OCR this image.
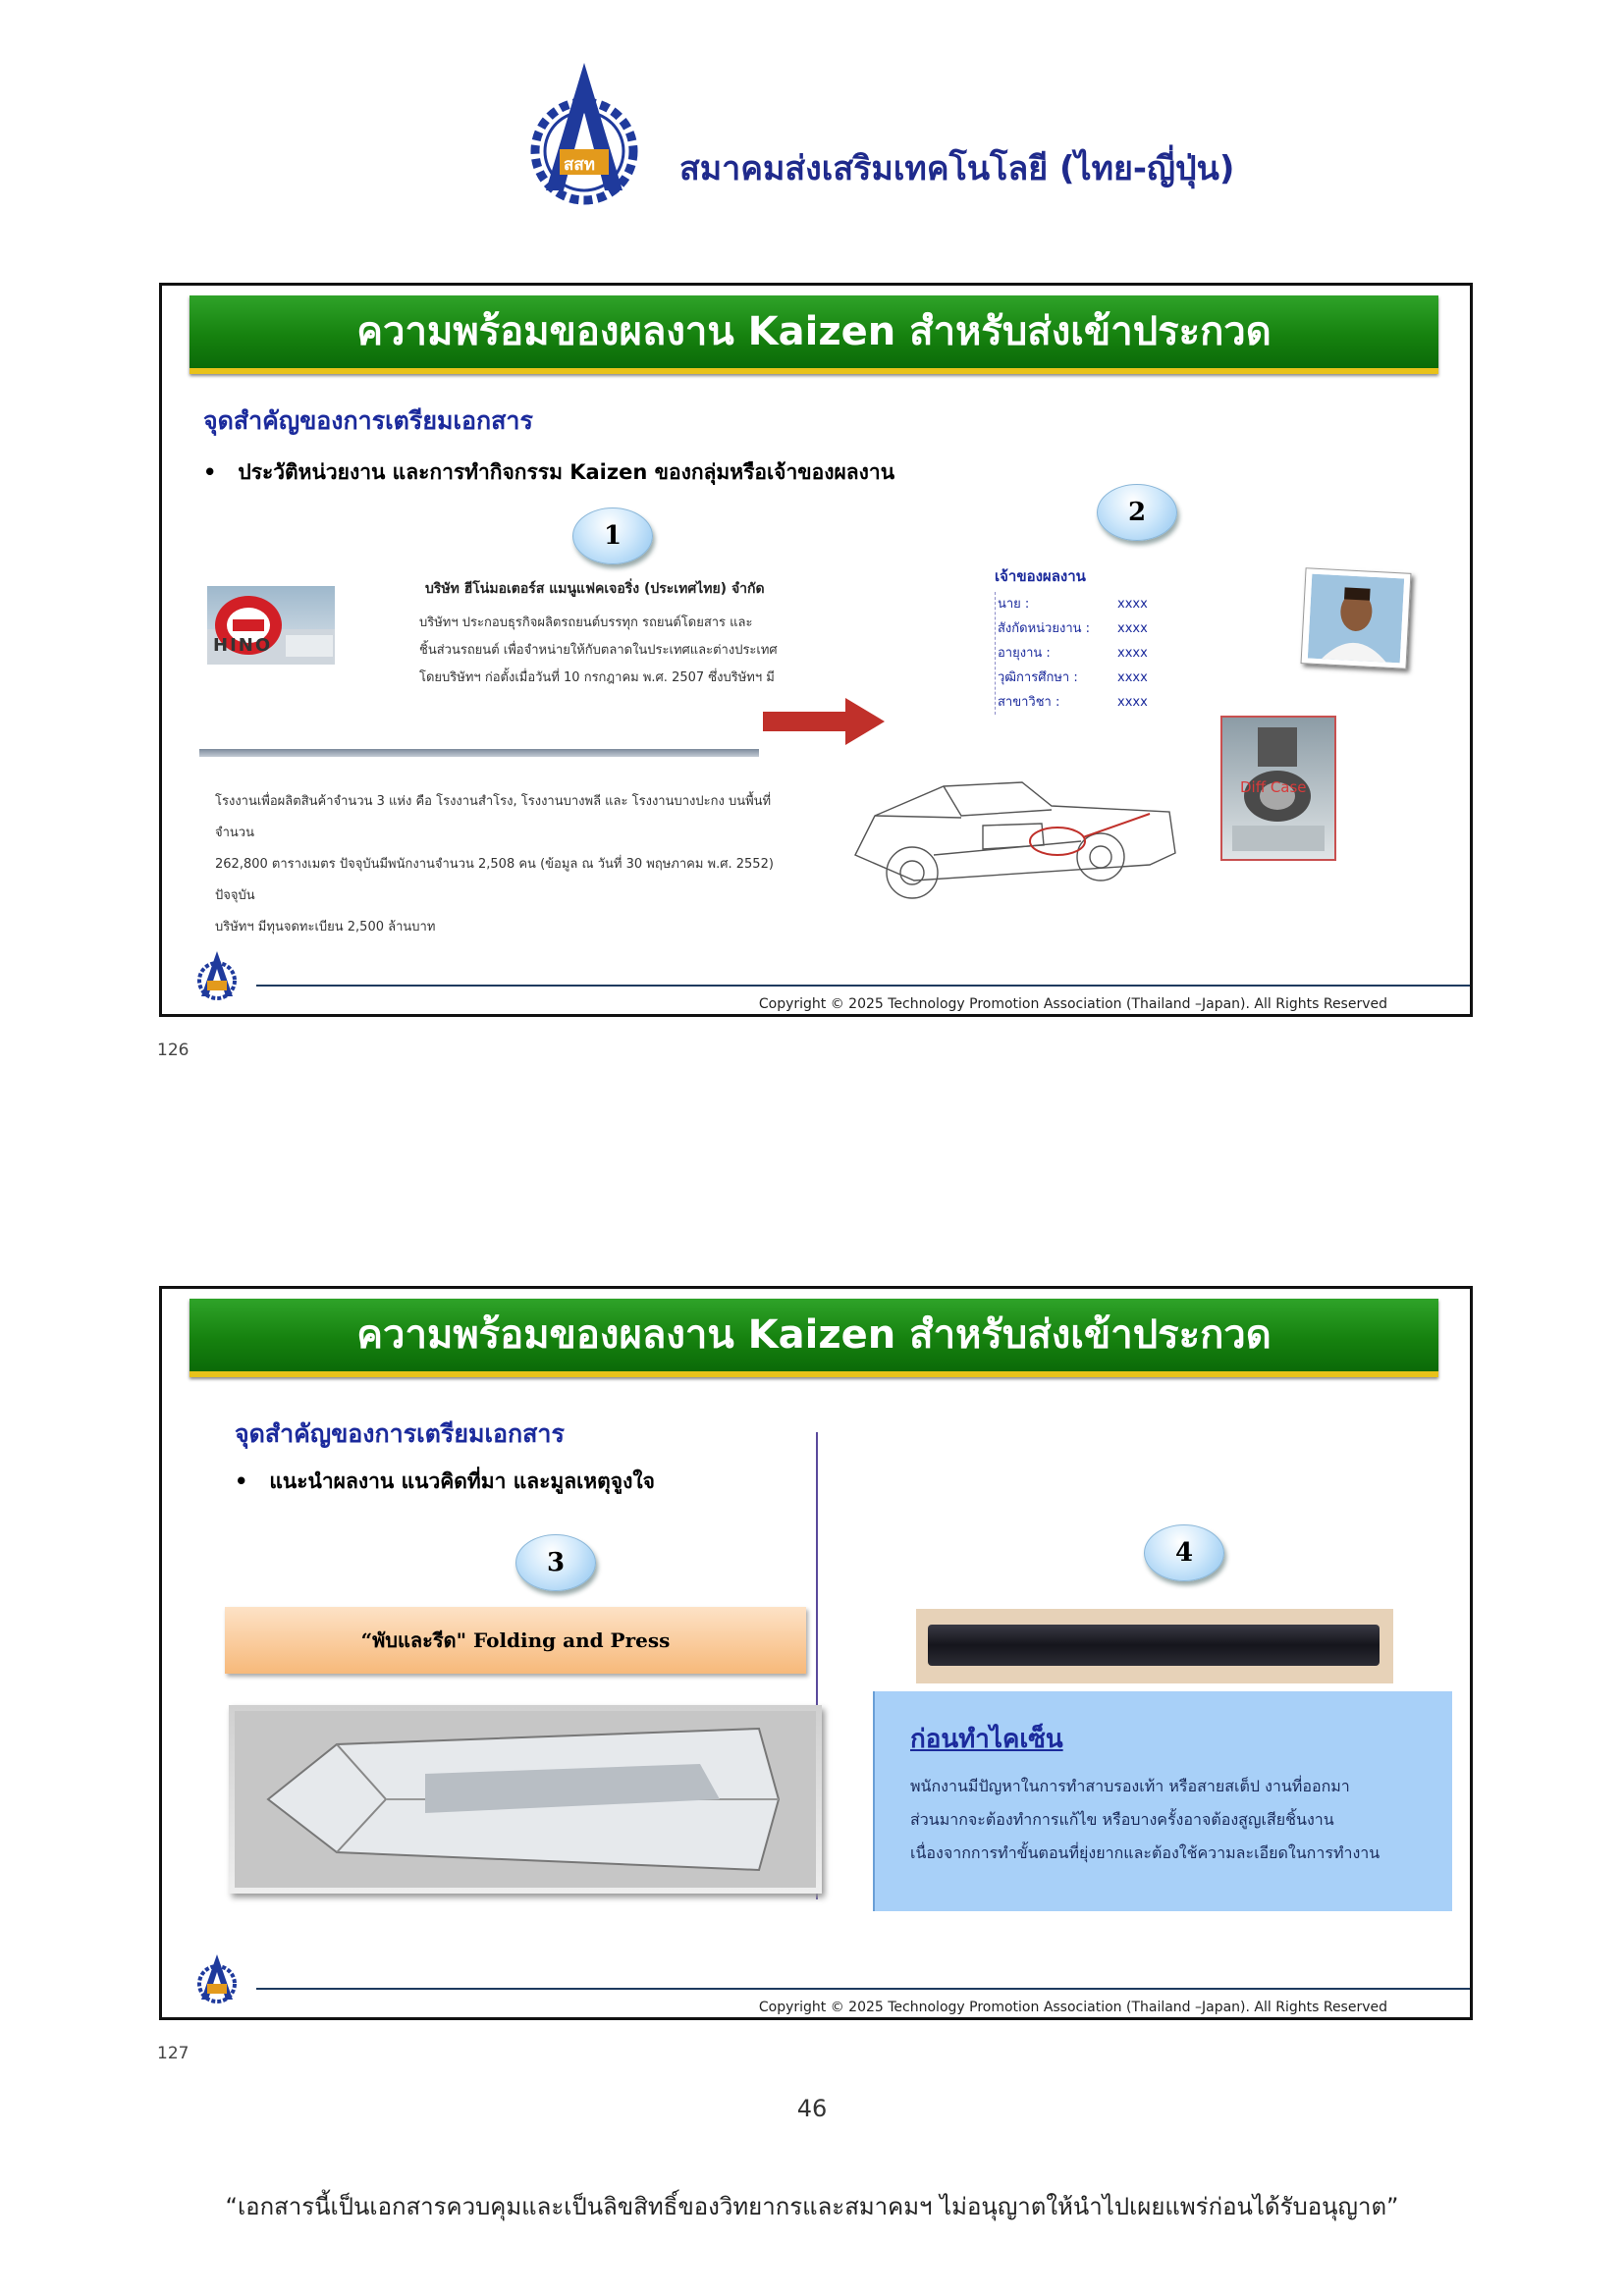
สสท	สมาคมส่งเสริมเทคโนโลยี (ไทย-ญี่ปุ่น)
ความพร้อมของผลงาน Kaizen สำหรับส่งเข้าประกวด
จุดสำคัญของการเตรียมเอกสาร
•   ประวัติหน่วยงาน และการทำกิจกรรม Kaizen ของกลุ่มหรือเจ้าของผลงาน
1
2
HINO
บริษัท ฮีโน่มอเตอร์ส แมนูแฟคเจอริ่ง (ประเทศไทย) จำกัด
บริษัทฯ ประกอบธุรกิจผลิตรถยนต์บรรทุก รถยนต์โดยสาร และ
ชิ้นส่วนรถยนต์ เพื่อจำหน่ายให้กับตลาดในประเทศและต่างประเทศ
โดยบริษัทฯ ก่อตั้งเมื่อวันที่ 10 กรกฎาคม พ.ศ. 2507 ซึ่งบริษัทฯ มี
โรงงานเพื่อผลิตสินค้าจำนวน 3 แห่ง คือ โรงงานสำโรง, โรงงานบางพลี และ โรงงานบางปะกง บนพื้นที่จำนวน
262,800 ตารางเมตร ปัจจุบันมีพนักงานจำนวน 2,508 คน (ข้อมูล ณ วันที่ 30 พฤษภาคม พ.ศ. 2552) ปัจจุบัน
บริษัทฯ มีทุนจดทะเบียน 2,500 ล้านบาท
เจ้าของผลงาน
นาย :	xxxx
สังกัดหน่วยงาน : xxxx
อายุงาน :	xxxx
วุฒิการศึกษา :	xxxx
สาขาวิชา :	xxxx
Diff Case
Copyright © 2025 Technology Promotion Association (Thailand –Japan). All Rights Reserved
126
ความพร้อมของผลงาน Kaizen สำหรับส่งเข้าประกวด
จุดสำคัญของการเตรียมเอกสาร
•   แนะนำผลงาน แนวคิดที่มา และมูลเหตุจูงใจ
3	4
“พับและรีด" Folding and Press
ก่อนทำไคเซ็น
พนักงานมีปัญหาในการทำสาบรองเท้า หรือสายสเต็ป งานที่ออกมา
ส่วนมากจะต้องทำการแก้ไข หรือบางครั้งอาจต้องสูญเสียชิ้นงาน
เนื่องจากการทำขั้นตอนที่ยุ่งยากและต้องใช้ความละเอียดในการทำงาน
Copyright © 2025 Technology Promotion Association (Thailand –Japan). All Rights Reserved
127
46
“เอกสารนี้เป็นเอกสารควบคุมและเป็นลิขสิทธิ์ของวิทยากรและสมาคมฯ ไม่อนุญาตให้นำไปเผยแพร่ก่อนได้รับอนุญาต”
